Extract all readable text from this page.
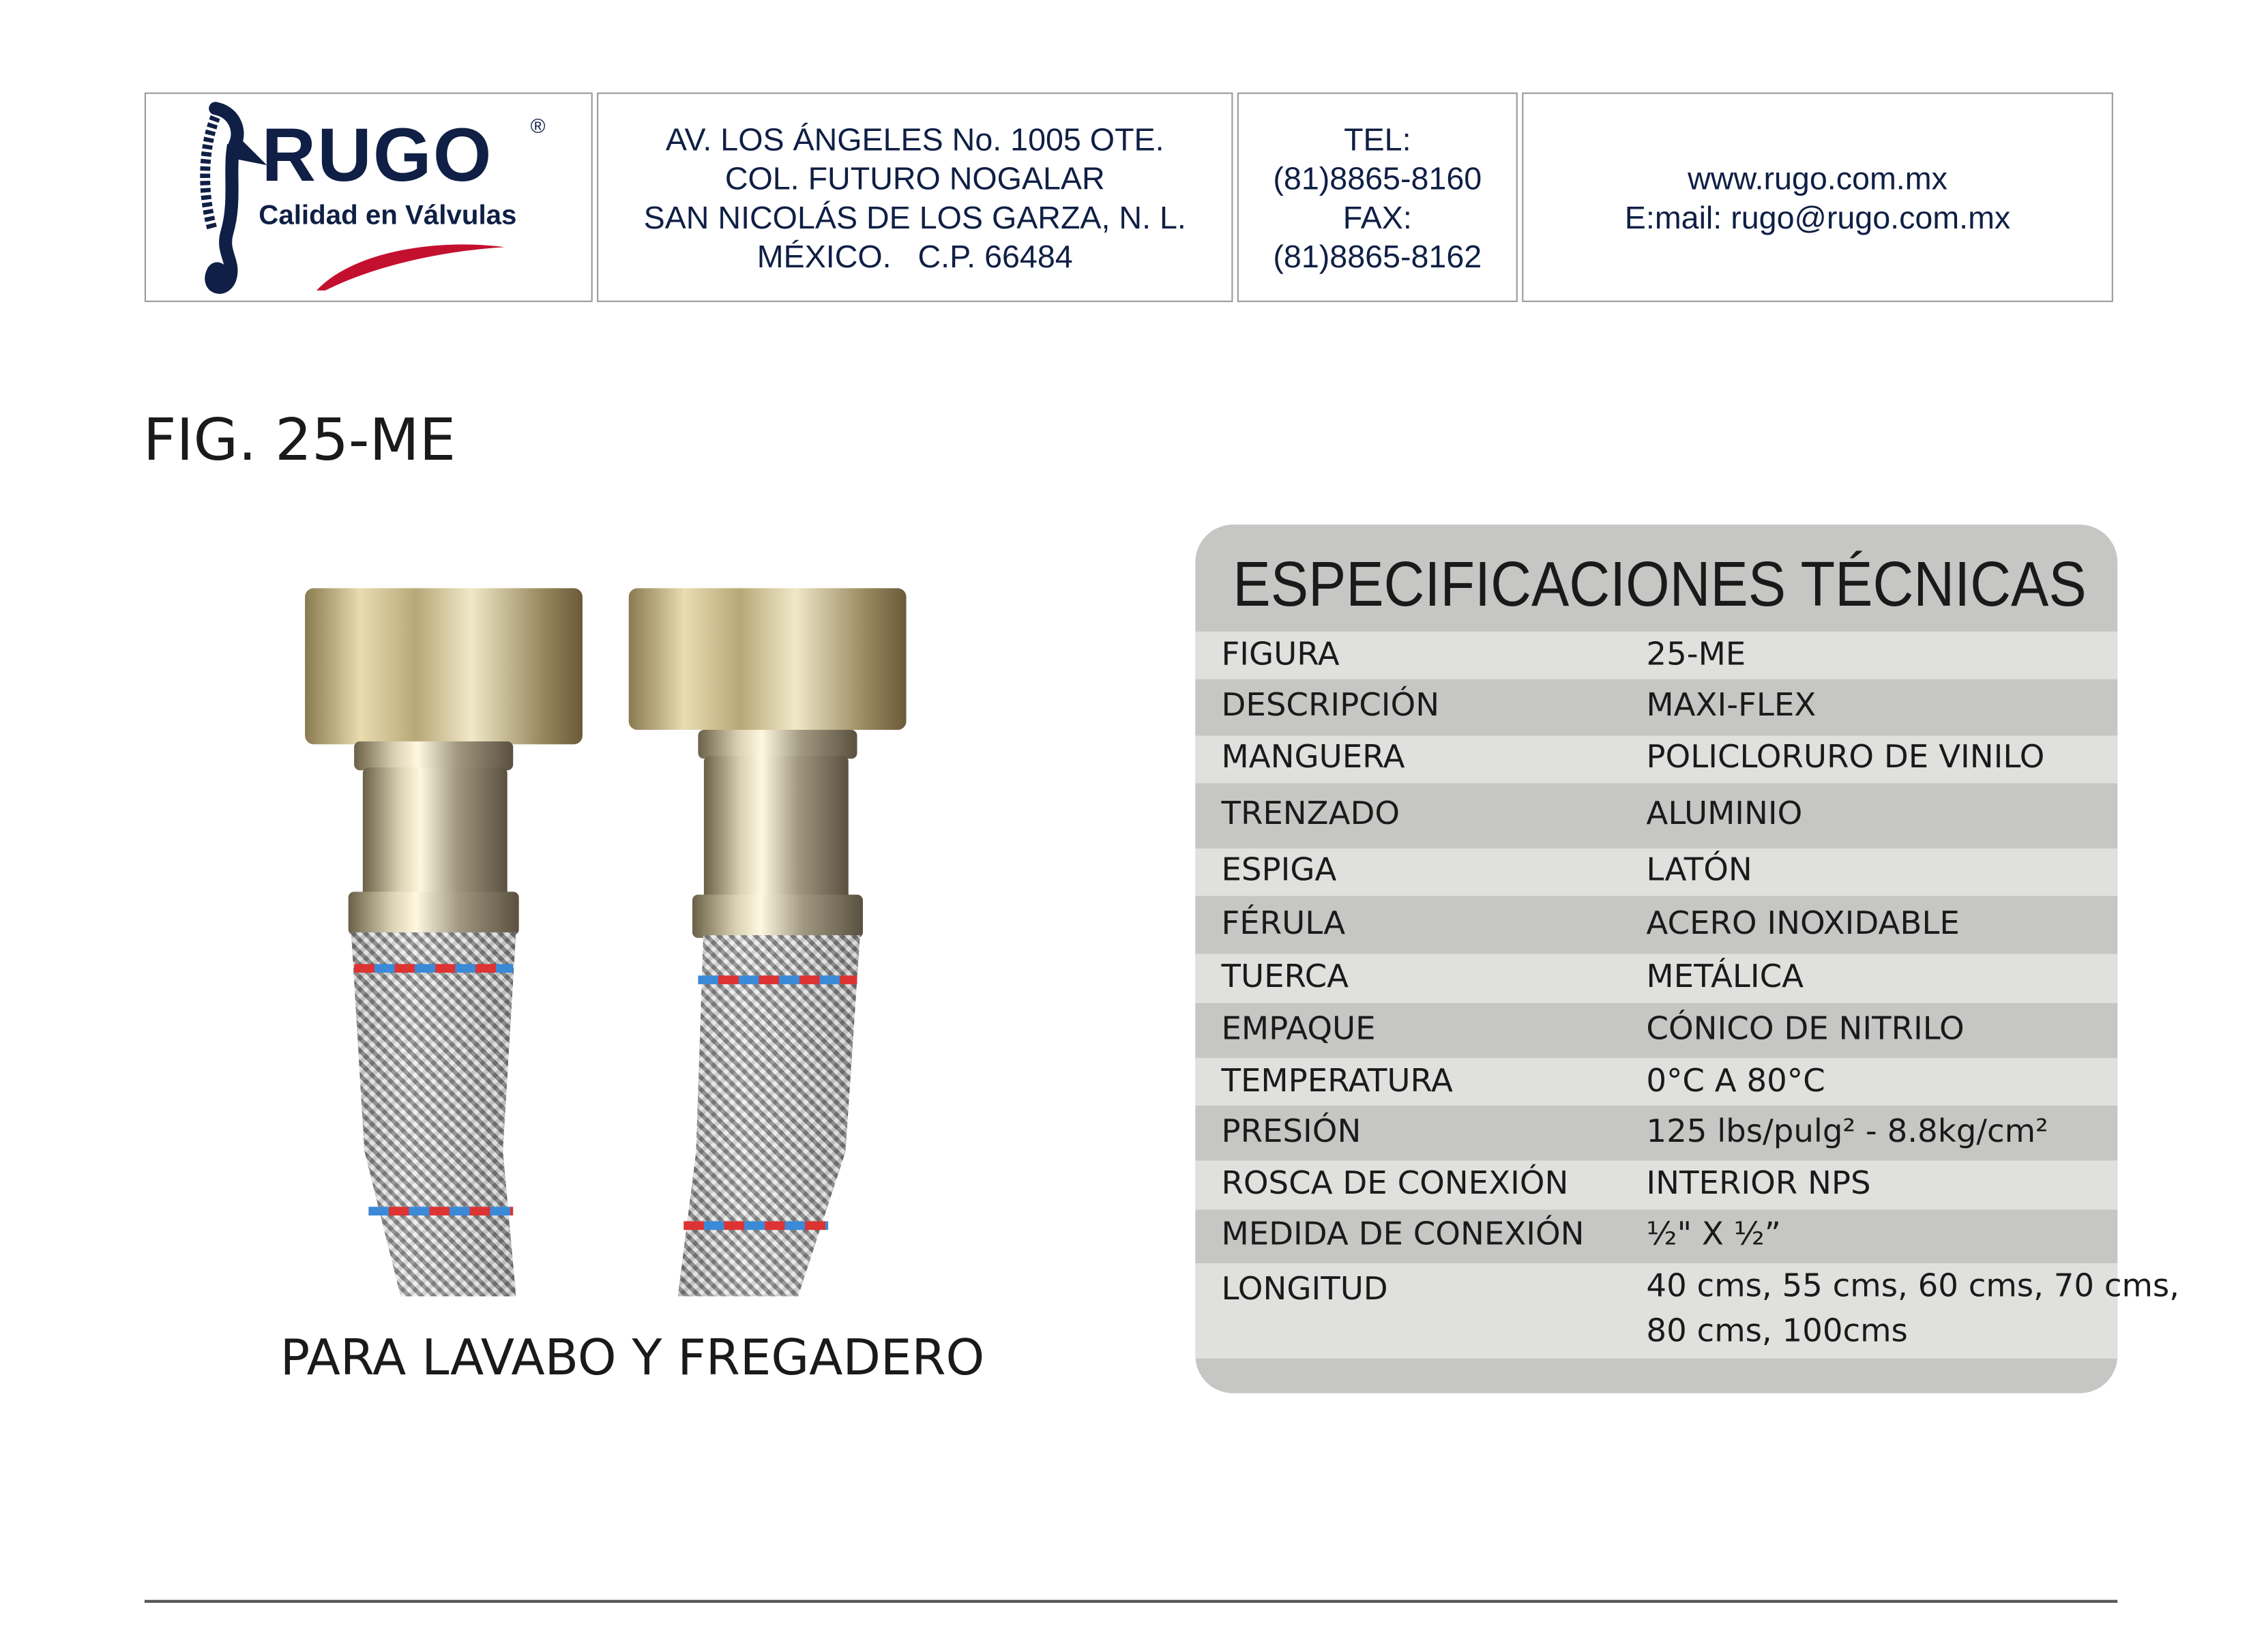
RUGO	®
Calidad en Válvulas
AV. LOS ÁNGELES No. 1005 OTE.
COL. FUTURO NOGALAR
SAN NICOLÁS DE LOS GARZA, N. L.
MÉXICO.   C.P. 66484
TEL:
(81)8865-8160
FAX:
(81)8865-8162
www.rugo.com.mx
E:mail: rugo@rugo.com.mx
FIG. 25-ME
PARA LAVABO Y FREGADERO
ESPECIFICACIONES TÉCNICAS
FIGURA	25-ME
DESCRIPCIÓN	MAXI-FLEX
MANGUERA	POLICLORURO DE VINILO
TRENZADO	ALUMINIO
ESPIGA	LATÓN
FÉRULA	ACERO INOXIDABLE
TUERCA	METÁLICA
EMPAQUE	CÓNICO DE NITRILO
TEMPERATURA	0°C A 80°C
PRESIÓN	125 lbs/pulg² - 8.8kg/cm²
ROSCA DE CONEXIÓN	INTERIOR NPS
MEDIDA DE CONEXIÓN	½" X ½”
LONGITUD	40 cms, 55 cms, 60 cms, 70 cms,
80 cms, 100cms
